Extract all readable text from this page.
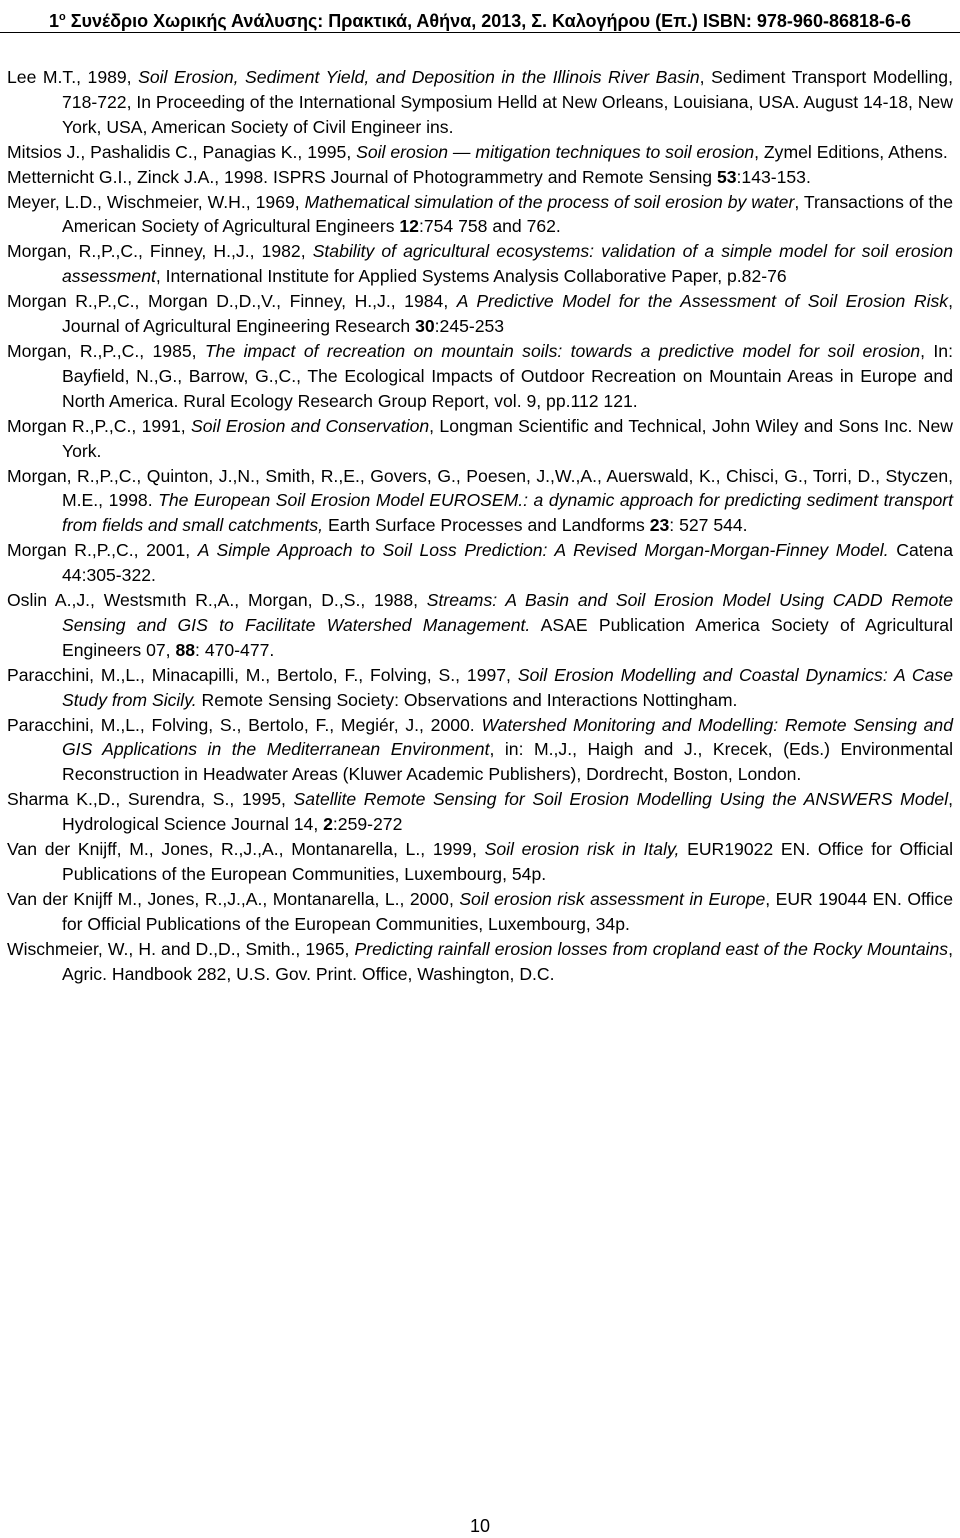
$1^o$ Συνέδριο Χωρικής Ανάλυσης: Πρακτικά, Αθήνα, 2013, Σ. Καλογήρου (Επ.) ISBN: 978-960-86818-6-6
Lee M.T., 1989, Soil Erosion, Sediment Yield, and Deposition in the Illinois River Basin, Sediment Transport Modelling, 718-722, In Proceeding of the International Symposium Helld at New Orleans, Louisiana, USA. August 14-18, New York, USA, American Society of Civil Engineer ins.
Mitsios J., Pashalidis C., Panagias K., 1995, Soil erosion — mitigation techniques to soil erosion, Zymel Editions, Athens.
Metternicht G.I., Zinck J.A., 1998. ISPRS Journal of Photogrammetry and Remote Sensing 53:143-153.
Meyer, L.D., Wischmeier, W.H., 1969, Mathematical simulation of the process of soil erosion by water, Transactions of the American Society of Agricultural Engineers 12:754 758 and 762.
Morgan, R.,P.,C., Finney, H.,J., 1982, Stability of agricultural ecosystems: validation of a simple model for soil erosion assessment, International Institute for Applied Systems Analysis Collaborative Paper, p.82-76
Morgan R.,P.,C., Morgan D.,D.,V., Finney, H.,J., 1984, A Predictive Model for the Assessment of Soil Erosion Risk, Journal of Agricultural Engineering Research 30:245-253
Morgan, R.,P.,C., 1985, The impact of recreation on mountain soils: towards a predictive model for soil erosion, In: Bayfield, N.,G., Barrow, G.,C., The Ecological Impacts of Outdoor Recreation on Mountain Areas in Europe and North America. Rural Ecology Research Group Report, vol. 9, pp.112 121.
Morgan R.,P.,C., 1991, Soil Erosion and Conservation, Longman Scientific and Technical, John Wiley and Sons Inc. New York.
Morgan, R.,P.,C., Quinton, J.,N., Smith, R.,E., Govers, G., Poesen, J.,W.,A., Auerswald, K., Chisci, G., Torri, D., Styczen, M.E., 1998. The European Soil Erosion Model EUROSEM.: a dynamic approach for predicting sediment transport from fields and small catchments, Earth Surface Processes and Landforms 23: 527 544.
Morgan R.,P.,C., 2001, A Simple Approach to Soil Loss Prediction: A Revised Morgan-Morgan-Finney Model. Catena 44:305-322.
Oslin A.,J., Westsmıth R.,A., Morgan, D.,S., 1988, Streams: A Basin and Soil Erosion Model Using CADD Remote Sensing and GIS to Facilitate Watershed Management. ASAE Publication America Society of Agricultural Engineers 07, 88: 470-477.
Paracchini, M.,L., Minacapilli, M., Bertolo, F., Folving, S., 1997, Soil Erosion Modelling and Coastal Dynamics: A Case Study from Sicily. Remote Sensing Society: Observations and Interactions Nottingham.
Paracchini, M.,L., Folving, S., Bertolo, F., Megiér, J., 2000. Watershed Monitoring and Modelling: Remote Sensing and GIS Applications in the Mediterranean Environment, in: M.,J., Haigh and J., Krecek, (Eds.) Environmental Reconstruction in Headwater Areas (Kluwer Academic Publishers), Dordrecht, Boston, London.
Sharma K.,D., Surendra, S., 1995, Satellite Remote Sensing for Soil Erosion Modelling Using the ANSWERS Model, Hydrological Science Journal 14, 2:259-272
Van der Knijff, M., Jones, R.,J.,A., Montanarella, L., 1999, Soil erosion risk in Italy, EUR19022 EN. Office for Official Publications of the European Communities, Luxembourg, 54p.
Van der Knijff M., Jones, R.,J.,A., Montanarella, L., 2000, Soil erosion risk assessment in Europe, EUR 19044 EN. Office for Official Publications of the European Communities, Luxembourg, 34p.
Wischmeier, W., H. and D.,D., Smith., 1965, Predicting rainfall erosion losses from cropland east of the Rocky Mountains, Agric. Handbook 282, U.S. Gov. Print. Office, Washington, D.C.
10
